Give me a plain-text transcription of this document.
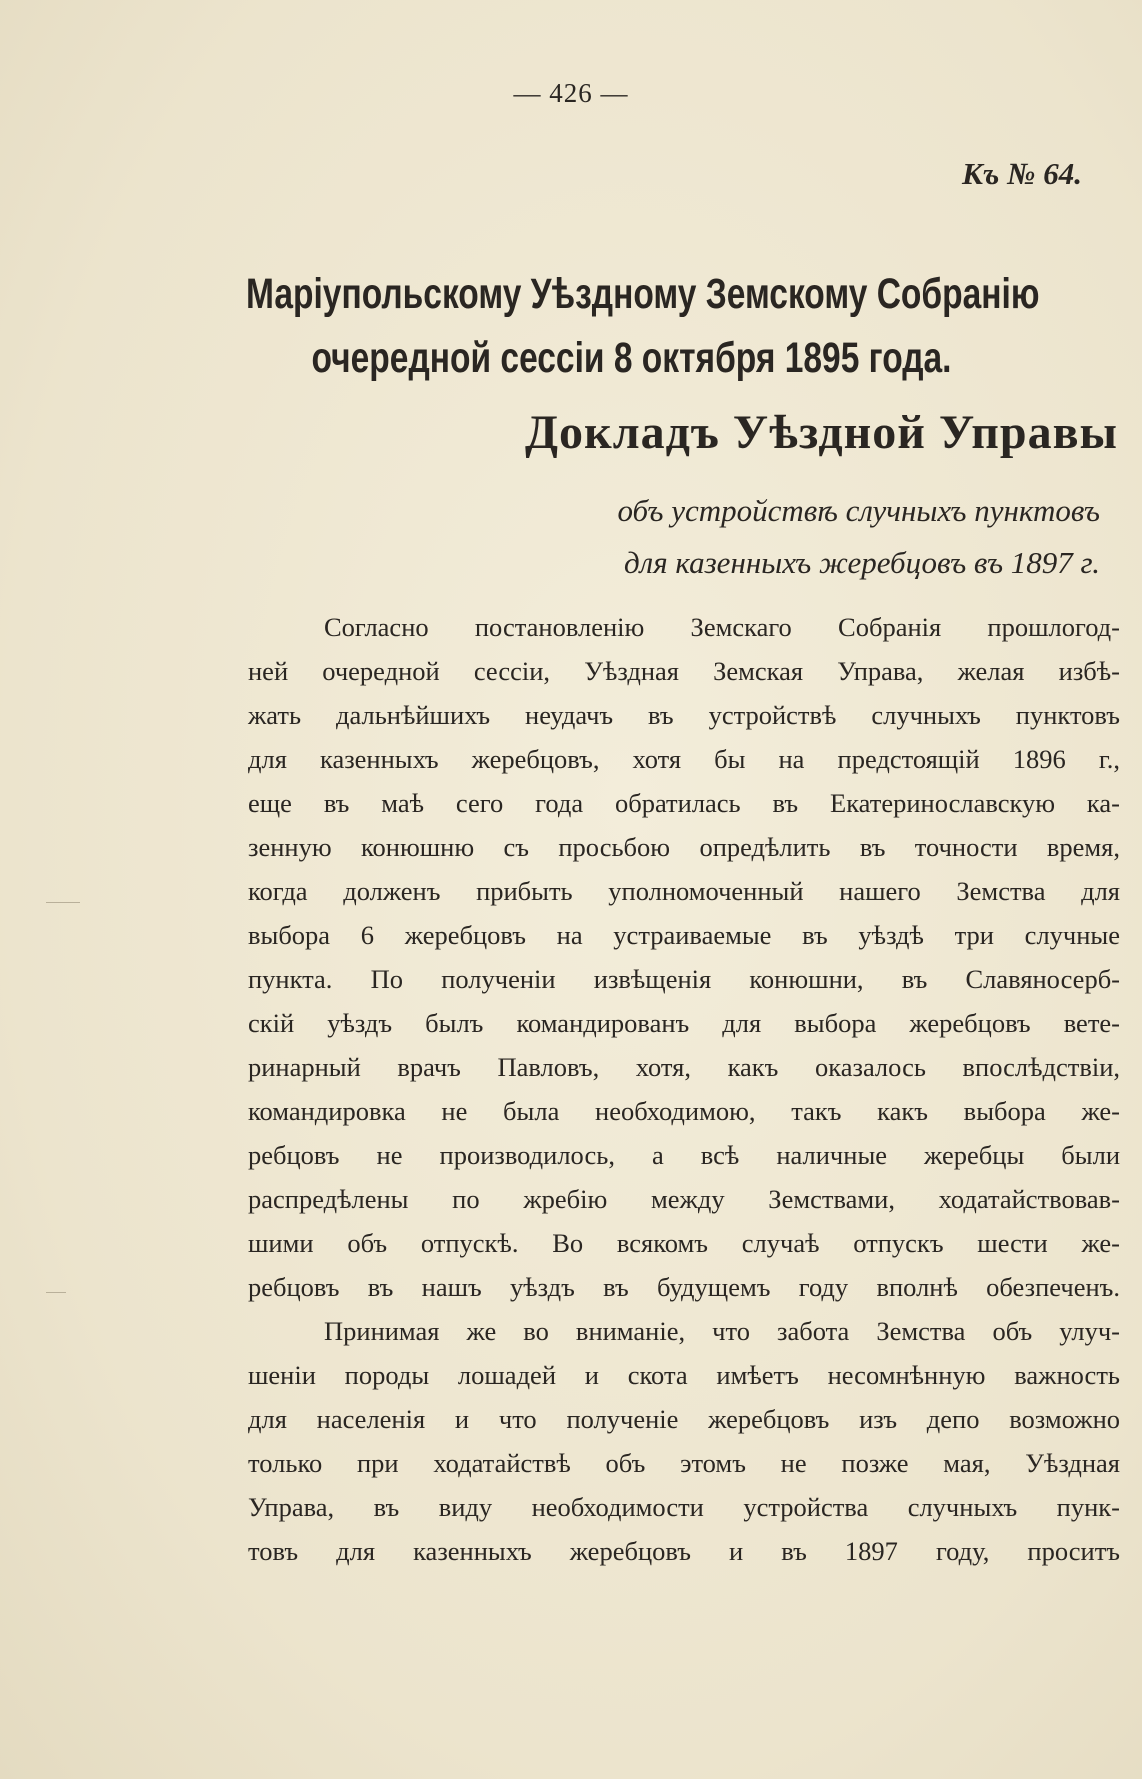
— 426 —
Къ № 64.
Маріупольскому Уѣздному Земскому Собранію
очередной сессіи 8 октября 1895 года.
Докладъ Уѣздной Управы
объ устройствѣ случныхъ пунктовъ
для казенныхъ жеребцовъ въ 1897 г.
Согласно постановленію Земскаго Собранія прошлогод-
ней очередной сессіи, Уѣздная Земская Управа, желая избѣ-
жать дальнѣйшихъ неудачъ въ устройствѣ случныхъ пунктовъ
для казенныхъ жеребцовъ, хотя бы на предстоящій 1896 г.,
еще въ маѣ сего года обратилась въ Екатеринославскую ка-
зенную конюшню съ просьбою опредѣлить въ точности время,
когда долженъ прибыть уполномоченный нашего Земства для
выбора 6 жеребцовъ на устраиваемые въ уѣздѣ три случные
пункта. По полученіи извѣщенія конюшни, въ Славяносерб-
скій уѣздъ былъ командированъ для выбора жеребцовъ вете-
ринарный врачъ Павловъ, хотя, какъ оказалось впослѣдствіи,
командировка не была необходимою, такъ какъ выбора же-
ребцовъ не производилось, а всѣ наличные жеребцы были
распредѣлены по жребію между Земствами, ходатайствовав-
шими объ отпускѣ. Во всякомъ случаѣ отпускъ шести же-
ребцовъ въ нашъ уѣздъ въ будущемъ году вполнѣ обезпеченъ.
Принимая же во вниманіе, что забота Земства объ улуч-
шеніи породы лошадей и скота имѣетъ несомнѣнную важность
для населенія и что полученіе жеребцовъ изъ депо возможно
только при ходатайствѣ объ этомъ не позже мая, Уѣздная
Управа, въ виду необходимости устройства случныхъ пунк-
товъ для казенныхъ жеребцовъ и въ 1897 году, проситъ
